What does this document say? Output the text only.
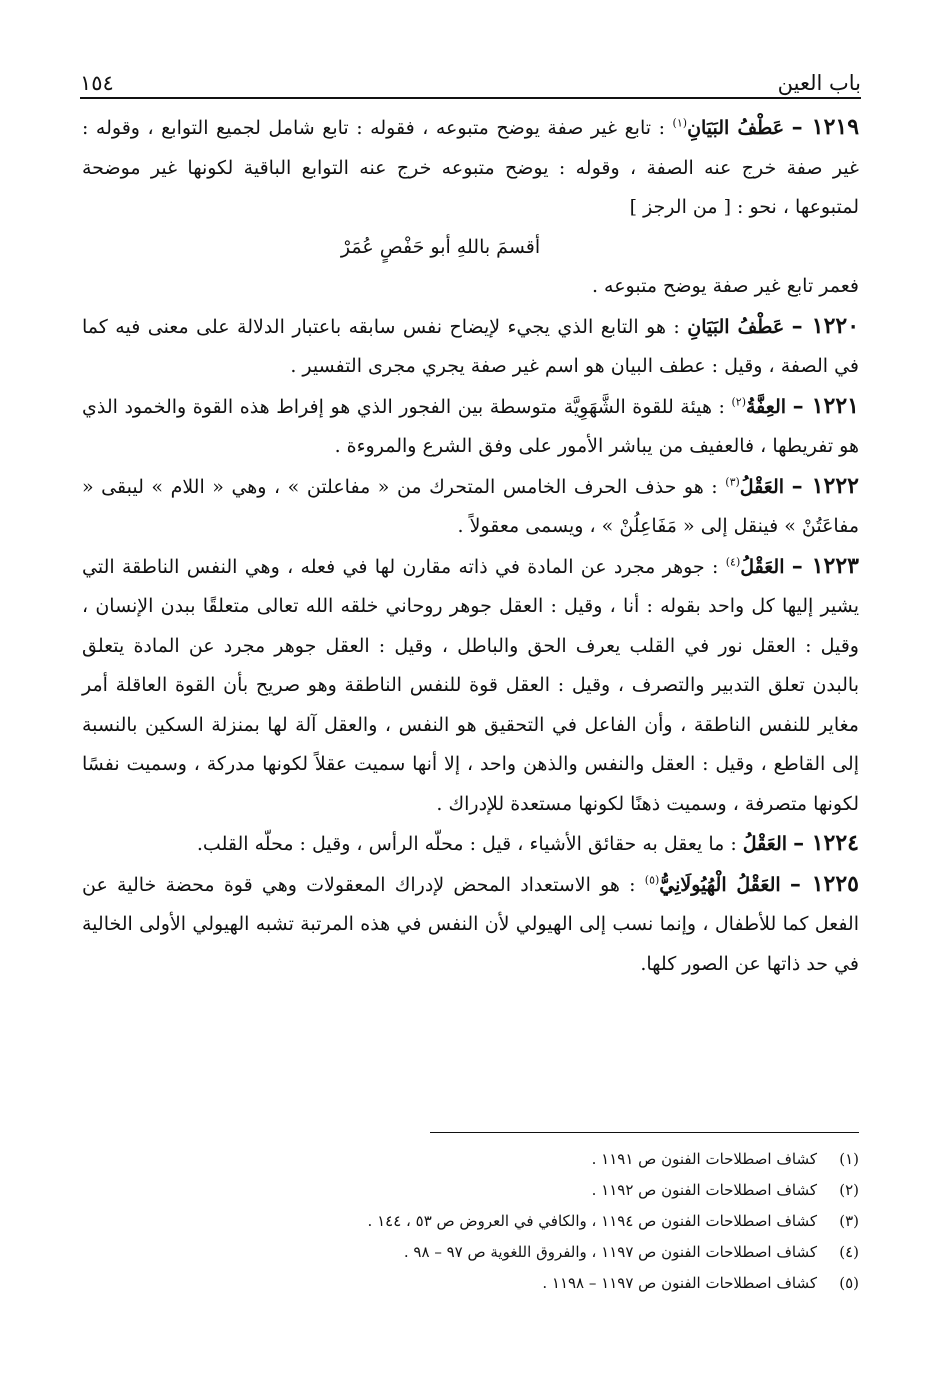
باب العين
١٥٤

١٢١٩ – عَطْفُ البَيَانِ$^{(١)}$ : تابع غير صفة يوضح متبوعه ، فقوله : تابع شامل لجميع التوابع ، وقوله : غير صفة خرج عنه الصفة ، وقوله : يوضح متبوعه خرج عنه التوابع الباقية لكونها غير موضحة لمتبوعها ، نحو : [ من الرجز ]

أقسمَ باللهِ أبو حَفْصٍ عُمَرْ

فعمر تابع غير صفة يوضح متبوعه .

١٢٢٠ – عَطْفُ البَيَانِ : هو التابع الذي يجيء لإيضاح نفس سابقه باعتبار الدلالة على معنى فيه كما في الصفة ، وقيل : عطف البيان هو اسم غير صفة يجري مجرى التفسير .

١٢٢١ – العِفَّةُ$^{(٢)}$ : هيئة للقوة الشَّهَوِيَّة متوسطة بين الفجور الذي هو إفراط هذه القوة والخمود الذي هو تفريطها ، فالعفيف من يباشر الأمور على وفق الشرع والمروءة .

١٢٢٢ – العَقْلُ$^{(٣)}$ : هو حذف الحرف الخامس المتحرك من « مفاعلتن » ، وهي « اللام » ليبقى « مفاعَتُنْ » فينقل إلى « مَفَاعِلُنْ » ، ويسمى معقولاً .

١٢٢٣ – العَقْلُ$^{(٤)}$ : جوهر مجرد عن المادة في ذاته مقارن لها في فعله ، وهي النفس الناطقة التي يشير إليها كل واحد بقوله : أنا ، وقيل : العقل جوهر روحاني خلقه الله تعالى متعلقًا ببدن الإنسان ، وقيل : العقل نور في القلب يعرف الحق والباطل ، وقيل : العقل جوهر مجرد عن المادة يتعلق بالبدن تعلق التدبير والتصرف ، وقيل : العقل قوة للنفس الناطقة وهو صريح بأن القوة العاقلة أمر مغاير للنفس الناطقة ، وأن الفاعل في التحقيق هو النفس ، والعقل آلة لها بمنزلة السكين بالنسبة إلى القاطع ، وقيل : العقل والنفس والذهن واحد ، إلا أنها سميت عقلاً لكونها مدركة ، وسميت نفسًا لكونها متصرفة ، وسميت ذهنًا لكونها مستعدة للإدراك .

١٢٢٤ – العَقْلُ : ما يعقل به حقائق الأشياء ، قيل : محلّه الرأس ، وقيل : محلّه القلب.

١٢٢٥ – العَقْلُ الْهُيُولَانِيُّ$^{(٥)}$ : هو الاستعداد المحض لإدراك المعقولات وهي قوة محضة خالية عن الفعل كما للأطفال ، وإنما نسب إلى الهيولي لأن النفس في هذه المرتبة تشبه الهيولي الأولى الخالية في حد ذاتها عن الصور كلها.

(١)كشاف اصطلاحات الفنون ص ١١٩١ .

(٢)كشاف اصطلاحات الفنون ص ١١٩٢ .

(٣)كشاف اصطلاحات الفنون ص ١١٩٤ ، والكافي في العروض ص ٥٣ ، ١٤٤ .

(٤)كشاف اصطلاحات الفنون ص ١١٩٧ ، والفروق اللغوية ص ٩٧ – ٩٨ .

(٥)كشاف اصطلاحات الفنون ص ١١٩٧ – ١١٩٨ .
